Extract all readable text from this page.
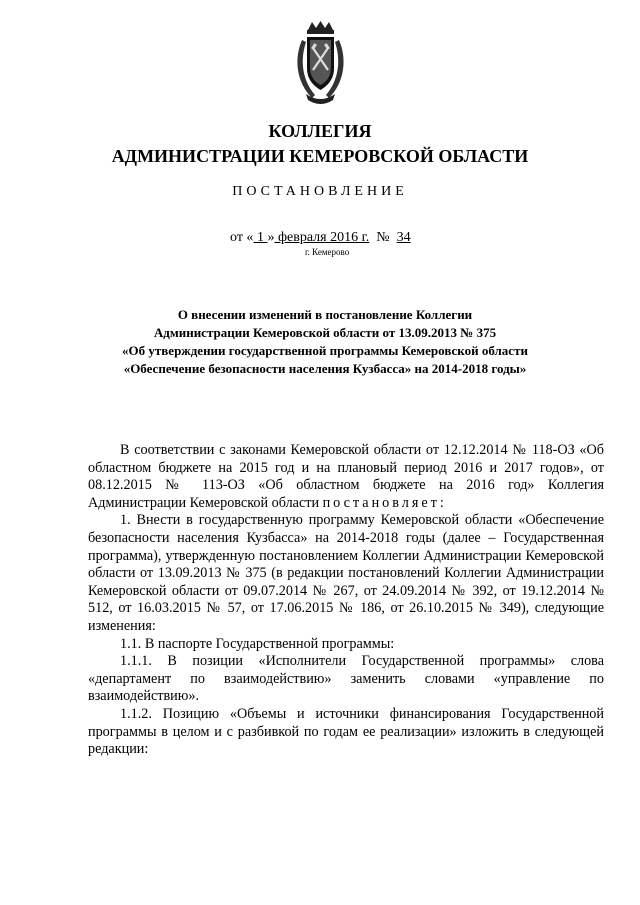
КОЛЛЕГИЯ
АДМИНИСТРАЦИИ КЕМЕРОВСКОЙ ОБЛАСТИ
ПОСТАНОВЛЕНИЕ
от « 1 » февраля 2016 г. № 34
г. Кемерово
О внесении изменений в постановление Коллегии
Администрации Кемеровской области от 13.09.2013 № 375
«Об утверждении государственной программы Кемеровской области
«Обеспечение безопасности населения Кузбасса» на 2014-2018 годы»

В соответствии с законами Кемеровской области от 12.12.2014 № 118-ОЗ «Об областном бюджете на 2015 год и на плановый период 2016 и 2017 годов», от 08.12.2015 № 113-ОЗ «Об областном бюджете на 2016 год» Коллегия Администрации Кемеровской области постановляет:

1. Внести в государственную программу Кемеровской области «Обеспечение безопасности населения Кузбасса» на 2014-2018 годы (далее – Государственная программа), утвержденную постановлением Коллегии Администрации Кемеровской области от 13.09.2013 № 375 (в редакции постановлений Коллегии Администрации Кемеровской области от 09.07.2014 № 267, от 24.09.2014 № 392, от 19.12.2014 № 512, от 16.03.2015 № 57, от 17.06.2015 № 186, от 26.10.2015 № 349), следующие изменения:

1.1. В паспорте Государственной программы:

1.1.1. В позиции «Исполнители Государственной программы» слова «департамент по взаимодействию» заменить словами «управление по взаимодействию».

1.1.2. Позицию «Объемы и источники финансирования Государственной программы в целом и с разбивкой по годам ее реализации» изложить в следующей редакции:
